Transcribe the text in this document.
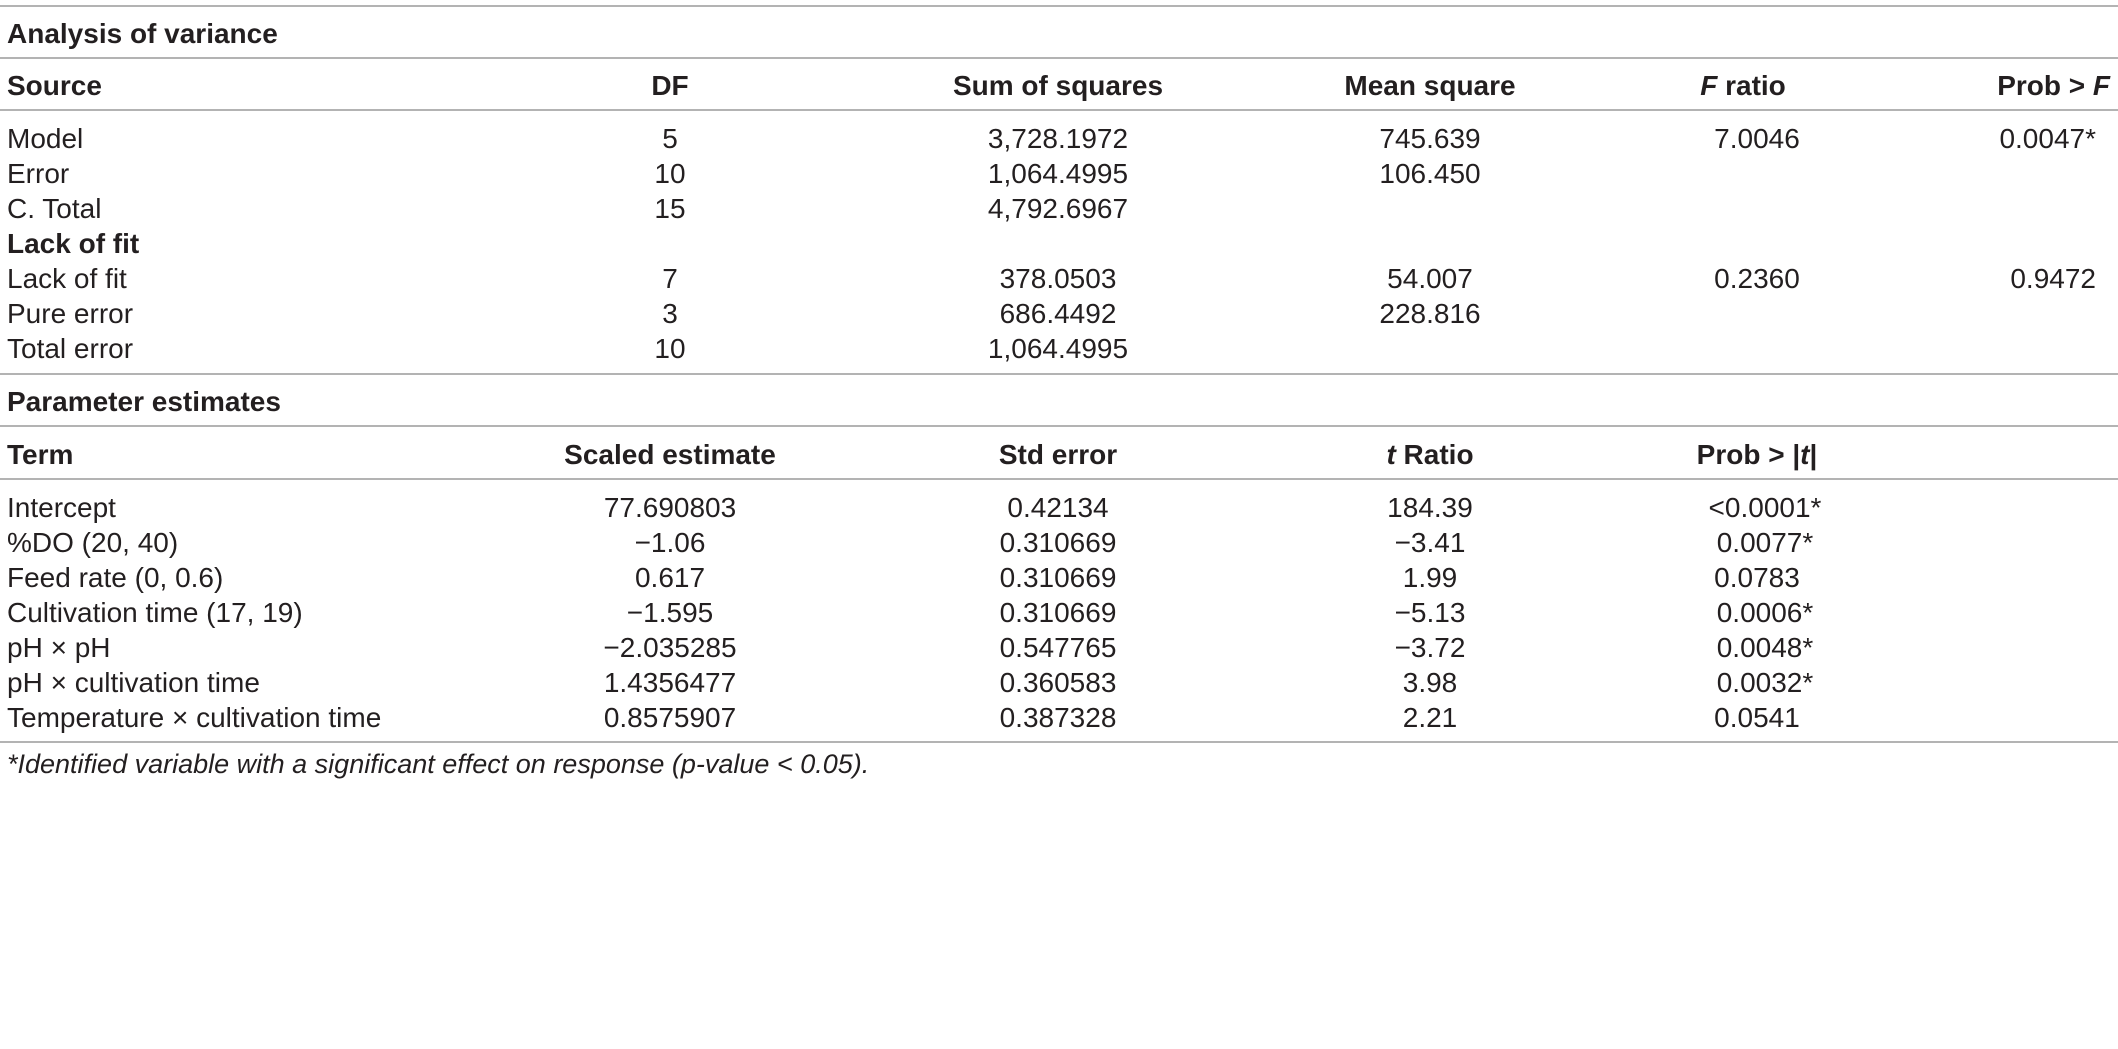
Analysis of variance
Source	DF	Sum of squares	Mean square	F ratio	Prob > F
Model	5	3,728.1972	745.639	7.0046	0.0047*
Error	10	1,064.4995	106.450
C. Total	15	4,792.6967
Lack of fit
Lack of fit	7	378.0503	54.007	0.2360	0.9472
Pure error	3	686.4492	228.816
Total error	10	1,064.4995
Parameter estimates
Term	Scaled estimate	Std error	t Ratio	Prob > |t|
Intercept	77.690803	0.42134	184.39	<0.0001*
%DO (20, 40)	−1.06	0.310669	−3.41	0.0077*
Feed rate (0, 0.6)	0.617	0.310669	1.99	0.0783
Cultivation time (17, 19)	−1.595	0.310669	−5.13	0.0006*
pH × pH	−2.035285	0.547765	−3.72	0.0048*
pH × cultivation time	1.4356477	0.360583	3.98	0.0032*
Temperature × cultivation time	0.8575907	0.387328	2.21	0.0541
*Identified variable with a significant effect on response (p-value < 0.05).
